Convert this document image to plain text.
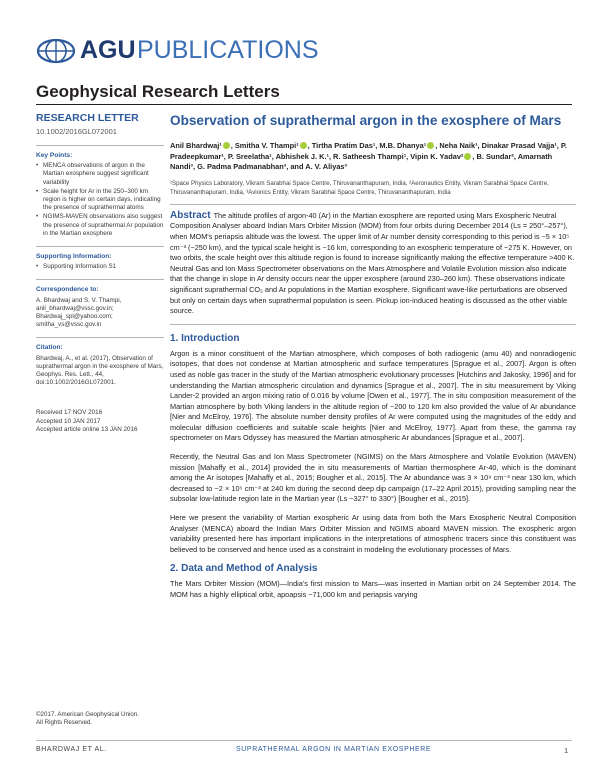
AGU PUBLICATIONS
Geophysical Research Letters
RESEARCH LETTER
10.1002/2016GL072001
Key Points:
• MENCA observations of argon in the Martian exosphere suggest significant variability
• Scale height for Ar in the 250–300 km region is higher on certain days, indicating the presence of suprathermal atoms
• NGIMS-MAVEN observations also suggest the presence of suprathermal Ar population in the Martian exosphere
Supporting Information:
• Supporting Information S1
Correspondence to:
A. Bhardwaj and S. V. Thampi, anil_bhardwaj@vssc.gov.in; Bhardwaj_spl@yahoo.com; smitha_vs@vssc.gov.in
Citation:
Bhardwaj, A., et al. (2017), Observation of suprathermal argon in the exosphere of Mars, Geophys. Res. Lett., 44, doi:10.1002/2016GL072001.
Received 17 NOV 2016
Accepted 10 JAN 2017
Accepted article online 13 JAN 2016
©2017. American Geophysical Union.
All Rights Reserved.
Observation of suprathermal argon in the exosphere of Mars
Anil Bhardwaj¹ , Smitha V. Thampi¹ , Tirtha Pratim Das¹, M.B. Dhanya¹ , Neha Naik¹, Dinakar Prasad Vajja¹, P. Pradeepkumar¹, P. Sreelatha¹, Abhishek J. K.¹, R. Satheesh Thampi¹, Vipin K. Yadav² , B. Sundar², Amarnath Nandi³, G. Padma Padmanabhan³, and A. V. Aliyas³
¹Space Physics Laboratory, Vikram Sarabhai Space Centre, Thiruvananthapuram, India, ²Aeronautics Entity, Vikram Sarabhai Space Centre, Thiruvananthapuram, India, ³Avionics Entity, Vikram Sarabhai Space Centre, Thiruvananthapuram, India

Abstract The altitude profiles of argon-40 (Ar) in the Martian exosphere are reported using Mars Exospheric Neutral Composition Analyser aboard Indian Mars Orbiter Mission (MOM) from four orbits during December 2014 (Ls = 250°–257°), when MOM's periapsis altitude was the lowest. The upper limit of Ar number density corresponding to this period is ~5 × 10⁵ cm⁻³ (~250 km), and the typical scale height is ~16 km, corresponding to an exospheric temperature of ~275 K. However, on two orbits, the scale height over this altitude region is found to increase significantly making the effective temperature >400 K. Neutral Gas and Ion Mass Spectrometer observations on the Mars Atmosphere and Volatile Evolution mission also indicate that the change in slope in Ar density occurs near the upper exosphere (around 230–260 km). These observations indicate significant suprathermal CO₂ and Ar populations in the Martian exosphere. Significant wave-like perturbations are observed but only on certain days when suprathermal population is seen. Pickup ion-induced heating is discussed as the other viable source.

1. Introduction

Argon is a minor constituent of the Martian atmosphere, which composes of both radiogenic (amu 40) and nonradiogenic isotopes, that does not condense at Martian atmospheric and surface temperatures [Sprague et al., 2007]. Argon is often used as noble gas tracer in the study of the Martian atmospheric evolutionary processes [Hutchins and Jakosky, 1996] and for understanding the Martian atmospheric circulation and dynamics [Sprague et al., 2007]. The in situ measurement by Viking Lander-2 provided an argon mixing ratio of 0.016 by volume [Owen et al., 1977]. The in situ composition measurement of the Martian atmosphere by both Viking landers in the altitude region of ~200 to 120 km also provided the value of Ar abundance [Nier and McElroy, 1976]. The absolute number density profiles of Ar were computed using the magnitudes of the eddy and molecular diffusion coefficients and suitable scale heights [Nier and McElroy, 1977]. Apart from these, the gamma ray spectrometer on Mars Odyssey has measured the Martian atmospheric Ar abundances [Sprague et al., 2007].

Recently, the Neutral Gas and Ion Mass Spectrometer (NGIMS) on the Mars Atmosphere and Volatile Evolution (MAVEN) mission [Mahaffy et al., 2014] provided the in situ measurements of Martian thermosphere Ar-40, which is the dominant among the Ar isotopes [Mahaffy et al., 2015; Bougher et al., 2015]. The Ar abundance was 3 × 10⁹ cm⁻³ near 130 km, which decreased to ~2 × 10⁵ cm⁻³ at 240 km during the second deep dip campaign (17–22 April 2015), providing sampling near the subsolar low-latitude region late in the Martian year (Ls ~327° to 330°) [Bougher et al., 2015].

Here we present the variability of Martian exospheric Ar using data from both the Mars Exospheric Neutral Composition Analyser (MENCA) aboard the Indian Mars Orbiter Mission and NGIMS aboard MAVEN mission. The exospheric argon variability presented here has important implications in the interpretations of atmospheric tracers since this constituent was believed to be conserved and hence used as a constraint in modeling the evolutionary processes of Mars.

2. Data and Method of Analysis

The Mars Orbiter Mission (MOM)—India's first mission to Mars—was inserted in Martian orbit on 24 September 2014. The MOM has a highly elliptical orbit, apoapsis ~71,000 km and periapsis varying

BHARDWAJ ET AL.	SUPRATHERMAL ARGON IN MARTIAN EXOSPHERE	1
